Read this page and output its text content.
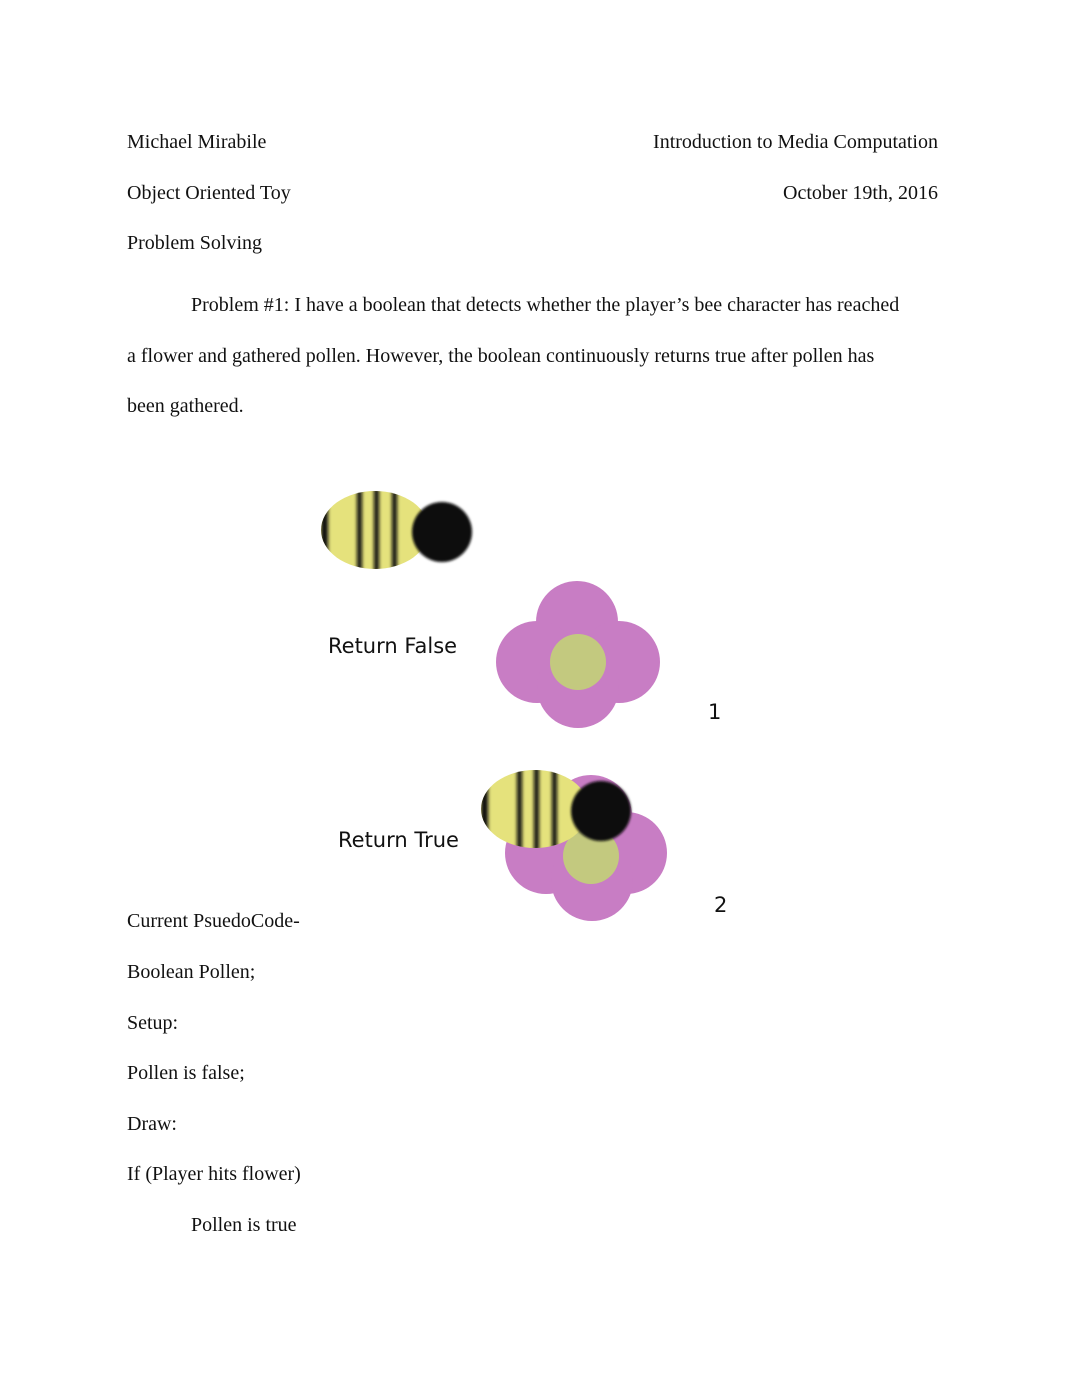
Michael Mirabile	Introduction to Media Computation
Object Oriented Toy	October 19th, 2016
Problem Solving
Problem #1: I have a boolean that detects whether the player’s bee character has reached
a flower and gathered pollen. However, the boolean continuously returns true after pollen has
been gathered.
Return False
1
Return True
2
Current PsuedoCode-
Boolean Pollen;
Setup:
Pollen is false;
Draw:
If (Player hits flower)
Pollen is true
